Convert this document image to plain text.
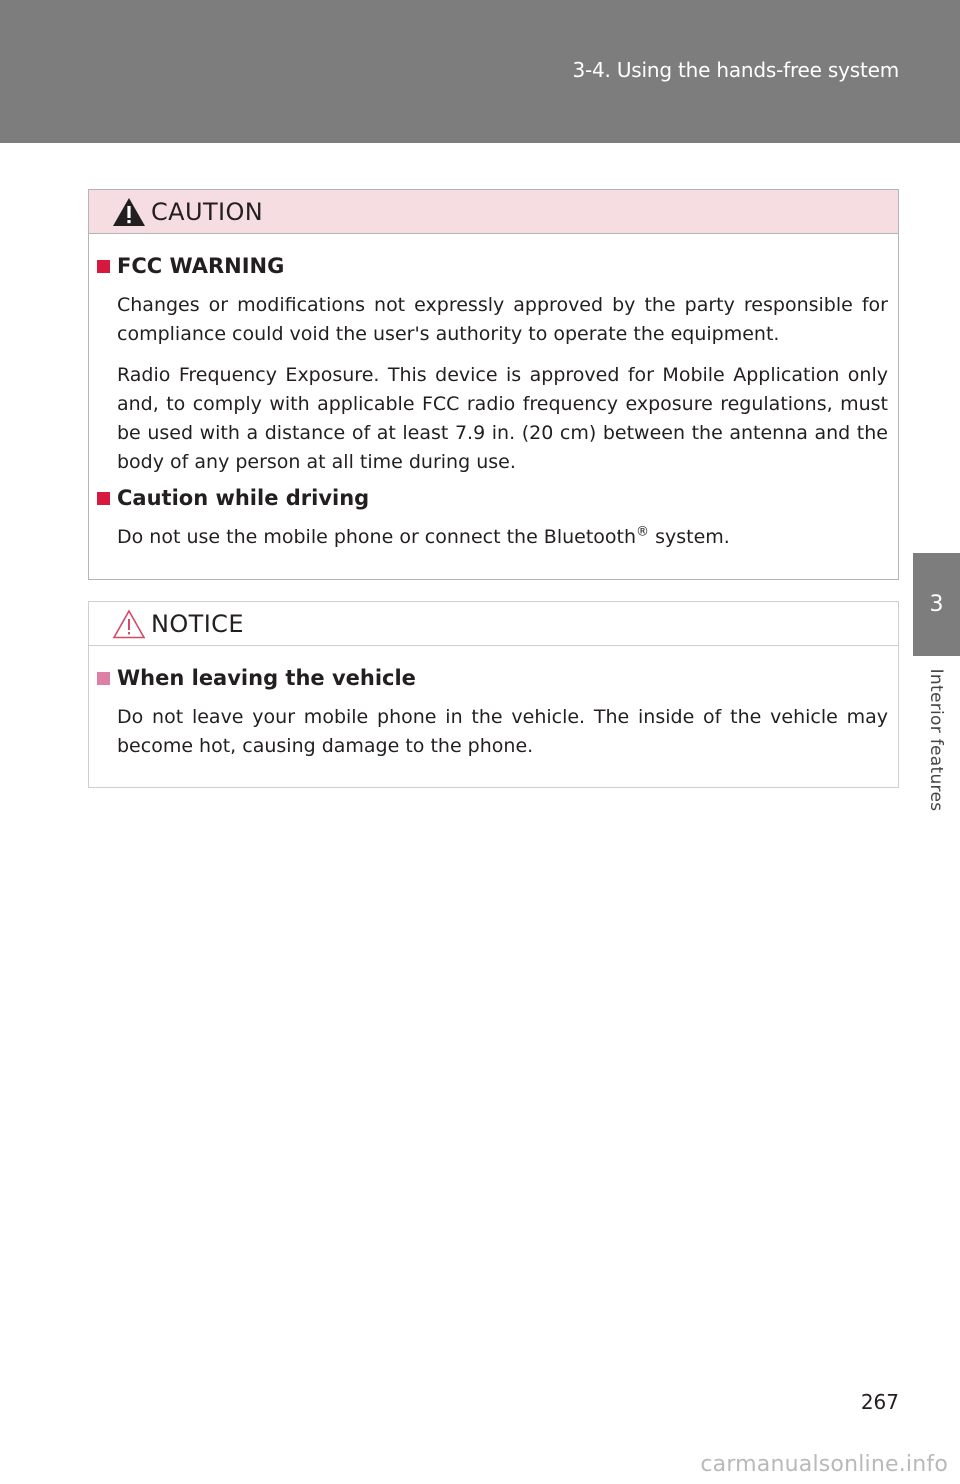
3-4. Using the hands-free system
3
Interior features
CAUTION
FCC WARNING

Changes or modifications not expressly approved by the party responsible for compliance could void the user's authority to operate the equipment.

Radio Frequency Exposure. This device is approved for Mobile Application only and, to comply with applicable FCC radio frequency exposure regulations, must be used with a distance of at least 7.9 in. (20 cm) between the antenna and the body of any person at all time during use.

Caution while driving

Do not use the mobile phone or connect the Bluetooth® system.

NOTICE
When leaving the vehicle

Do not leave your mobile phone in the vehicle. The inside of the vehicle may become hot, causing damage to the phone.

267
carmanualsonline.info
